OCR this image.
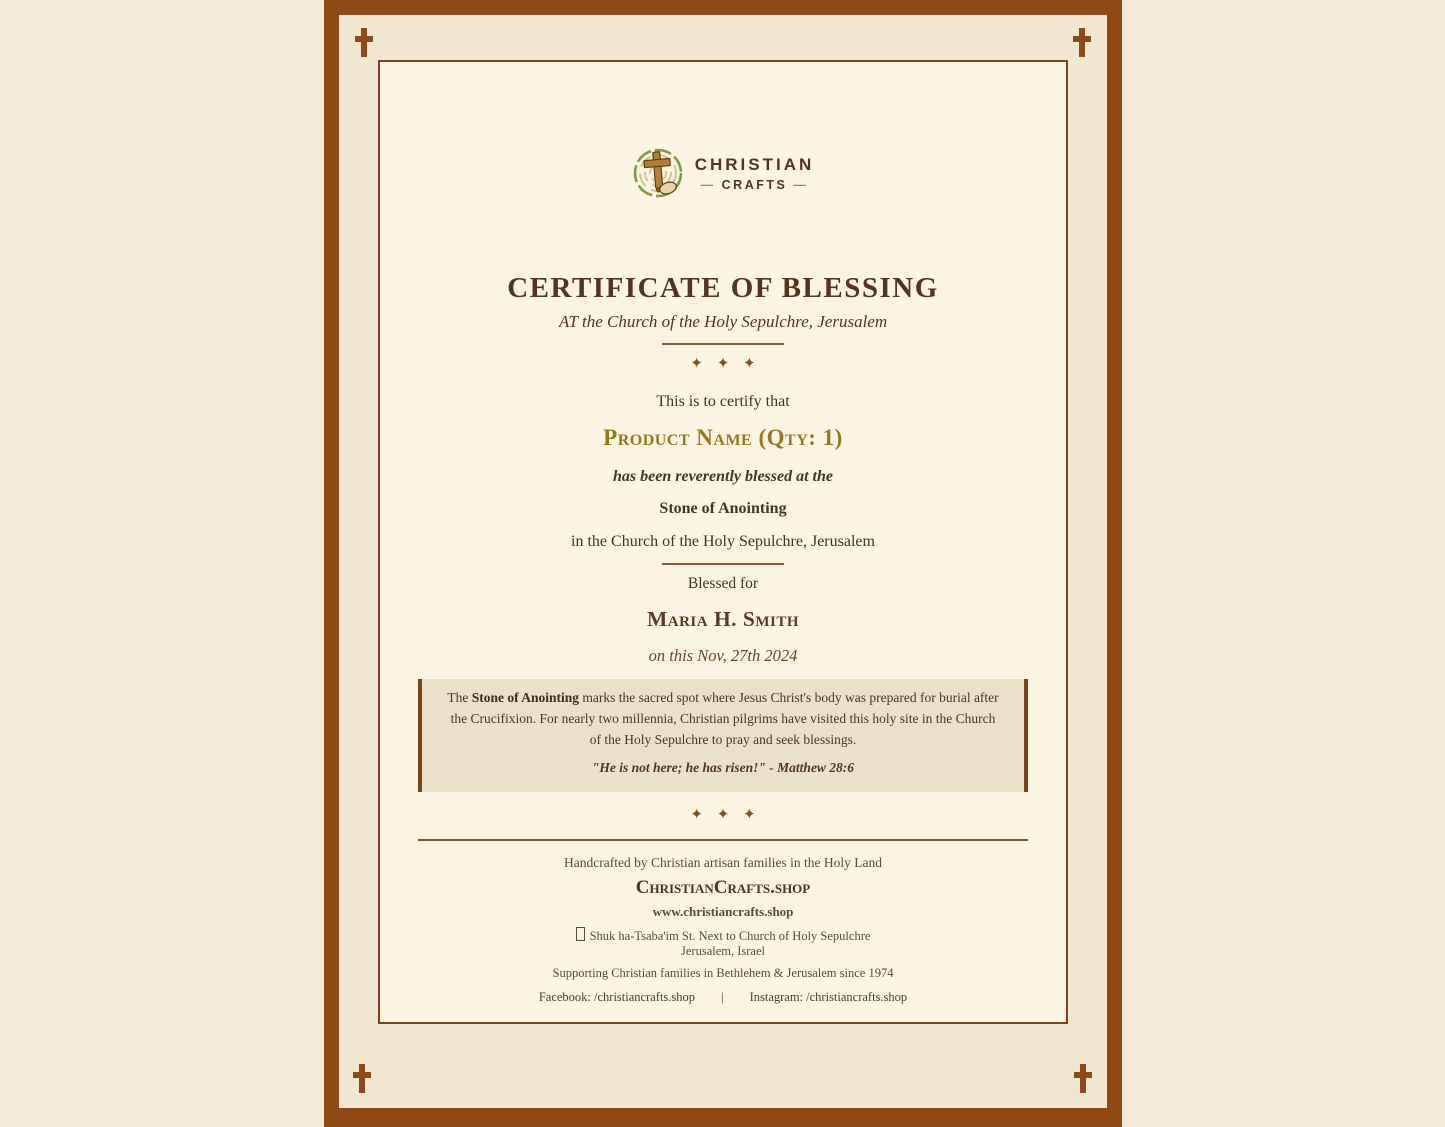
CHRISTIAN
— CRAFTS —
CERTIFICATE OF BLESSING
AT the Church of the Holy Sepulchre, Jerusalem
✦ ✦ ✦
This is to certify that
Product Name (Qty: 1)
has been reverently blessed at the
Stone of Anointing
in the Church of the Holy Sepulchre, Jerusalem
Blessed for
Maria H. Smith
on this Nov, 27th 2024

The Stone of Anointing marks the sacred spot where Jesus Christ's body was prepared for burial after the Crucifixion. For nearly two millennia, Christian pilgrims have visited this holy site in the Church of the Holy Sepulchre to pray and seek blessings.

"He is not here; he has risen!" - Matthew 28:6

✦ ✦ ✦
Handcrafted by Christian artisan families in the Holy Land
ChristianCrafts.shop
www.christiancrafts.shop
Shuk ha-Tsaba'im St. Next to Church of Holy Sepulchre
Jerusalem, Israel
Supporting Christian families in Bethlehem & Jerusalem since 1974
Facebook: /christiancrafts.shop | Instagram: /christiancrafts.shop
